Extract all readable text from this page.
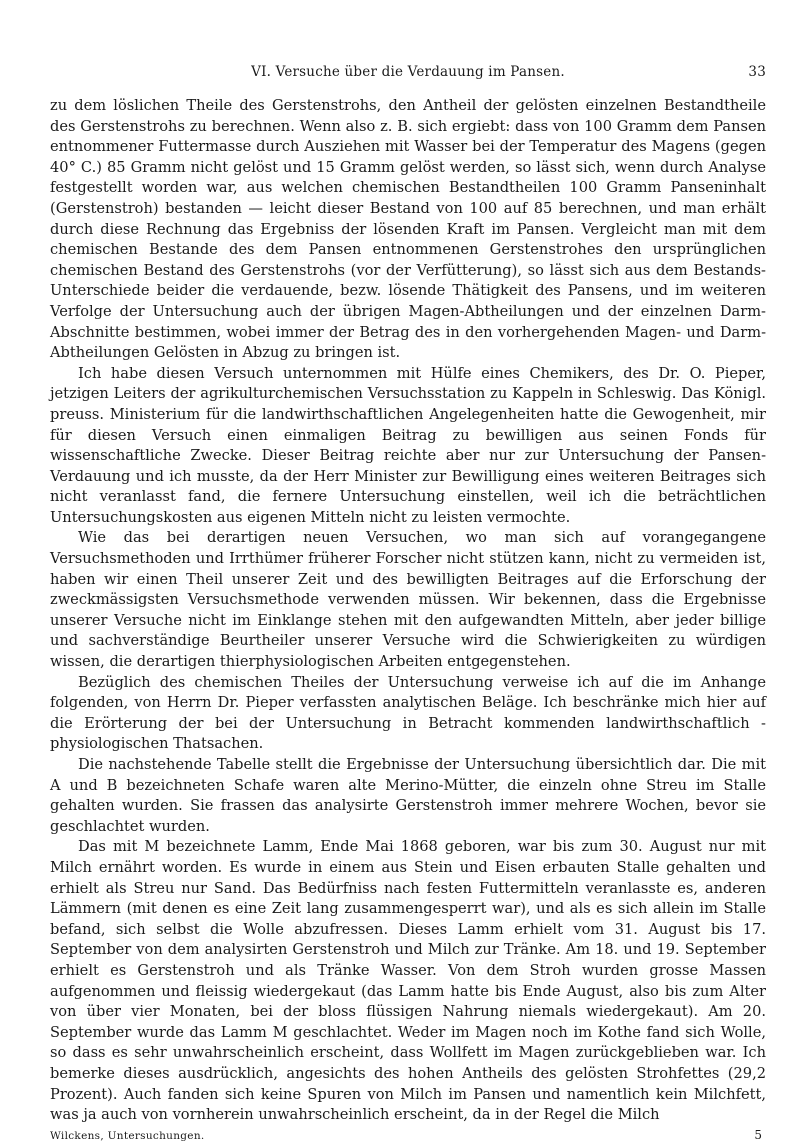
VI. Versuche über die Verdauung im Pansen.	33

zu dem löslichen Theile des Gerstenstrohs, den Antheil der gelösten einzelnen Bestandtheile des Gerstenstrohs zu berechnen. Wenn also z. B. sich ergiebt: dass von 100 Gramm dem Pansen entnommener Futtermasse durch Ausziehen mit Wasser bei der Temperatur des Magens (gegen 40° C.) 85 Gramm nicht gelöst und 15 Gramm gelöst werden, so lässt sich, wenn durch Analyse festgestellt worden war, aus welchen chemischen Bestandtheilen 100 Gramm Panseninhalt (Gerstenstroh) bestanden — leicht dieser Bestand von 100 auf 85 berechnen, und man erhält durch diese Rechnung das Ergebniss der lösenden Kraft im Pansen. Vergleicht man mit dem chemischen Bestande des dem Pansen entnommenen Gerstenstrohes den ursprünglichen chemischen Bestand des Gerstenstrohs (vor der Verfütterung), so lässt sich aus dem Bestands-Unterschiede beider die verdauende, bezw. lösende Thätigkeit des Pansens, und im weiteren Verfolge der Untersuchung auch der übrigen Magen-Abtheilungen und der einzelnen Darm-Abschnitte bestimmen, wobei immer der Betrag des in den vorhergehenden Magen- und Darm-Abtheilungen Gelösten in Abzug zu bringen ist.

Ich habe diesen Versuch unternommen mit Hülfe eines Chemikers, des Dr. O. Pieper, jetzigen Leiters der agrikulturchemischen Versuchsstation zu Kappeln in Schleswig. Das Königl. preuss. Ministerium für die landwirthschaftlichen Angelegenheiten hatte die Gewogenheit, mir für diesen Versuch einen einmaligen Beitrag zu bewilligen aus seinen Fonds für wissenschaftliche Zwecke. Dieser Beitrag reichte aber nur zur Untersuchung der Pansen-Verdauung und ich musste, da der Herr Minister zur Bewilligung eines weiteren Beitrages sich nicht veranlasst fand, die fernere Untersuchung einstellen, weil ich die beträchtlichen Untersuchungskosten aus eigenen Mitteln nicht zu leisten vermochte.

Wie das bei derartigen neuen Versuchen, wo man sich auf vorangegangene Versuchsmethoden und Irrthümer früherer Forscher nicht stützen kann, nicht zu vermeiden ist, haben wir einen Theil unserer Zeit und des bewilligten Beitrages auf die Erforschung der zweckmässigsten Versuchsmethode verwenden müssen. Wir bekennen, dass die Ergebnisse unserer Versuche nicht im Einklange stehen mit den aufgewandten Mitteln, aber jeder billige und sachverständige Beurtheiler unserer Versuche wird die Schwierigkeiten zu würdigen wissen, die derartigen thierphysiologischen Arbeiten entgegenstehen.

Bezüglich des chemischen Theiles der Untersuchung verweise ich auf die im Anhange folgenden, von Herrn Dr. Pieper verfassten analytischen Beläge. Ich beschränke mich hier auf die Erörterung der bei der Untersuchung in Betracht kommenden landwirthschaftlich - physiologischen Thatsachen.

Die nachstehende Tabelle stellt die Ergebnisse der Untersuchung übersichtlich dar. Die mit A und B bezeichneten Schafe waren alte Merino-Mütter, die einzeln ohne Streu im Stalle gehalten wurden. Sie frassen das analysirte Gerstenstroh immer mehrere Wochen, bevor sie geschlachtet wurden.

Das mit M bezeichnete Lamm, Ende Mai 1868 geboren, war bis zum 30. August nur mit Milch ernährt worden. Es wurde in einem aus Stein und Eisen erbauten Stalle gehalten und erhielt als Streu nur Sand. Das Bedürfniss nach festen Futtermitteln veranlasste es, anderen Lämmern (mit denen es eine Zeit lang zusammengesperrt war), und als es sich allein im Stalle befand, sich selbst die Wolle abzufressen. Dieses Lamm erhielt vom 31. August bis 17. September von dem analysirten Gerstenstroh und Milch zur Tränke. Am 18. und 19. September erhielt es Gerstenstroh und als Tränke Wasser. Von dem Stroh wurden grosse Massen aufgenommen und fleissig wiedergekaut (das Lamm hatte bis Ende August, also bis zum Alter von über vier Monaten, bei der bloss flüssigen Nahrung niemals wiedergekaut). Am 20. September wurde das Lamm M geschlachtet. Weder im Magen noch im Kothe fand sich Wolle, so dass es sehr unwahrscheinlich erscheint, dass Wollfett im Magen zurückgeblieben war. Ich bemerke dieses ausdrücklich, angesichts des hohen Antheils des gelösten Strohfettes (29,2 Prozent). Auch fanden sich keine Spuren von Milch im Pansen und namentlich kein Milchfett, was ja auch von vornherein unwahrscheinlich erscheint, da in der Regel die Milch

Wilckens, Untersuchungen.	5
